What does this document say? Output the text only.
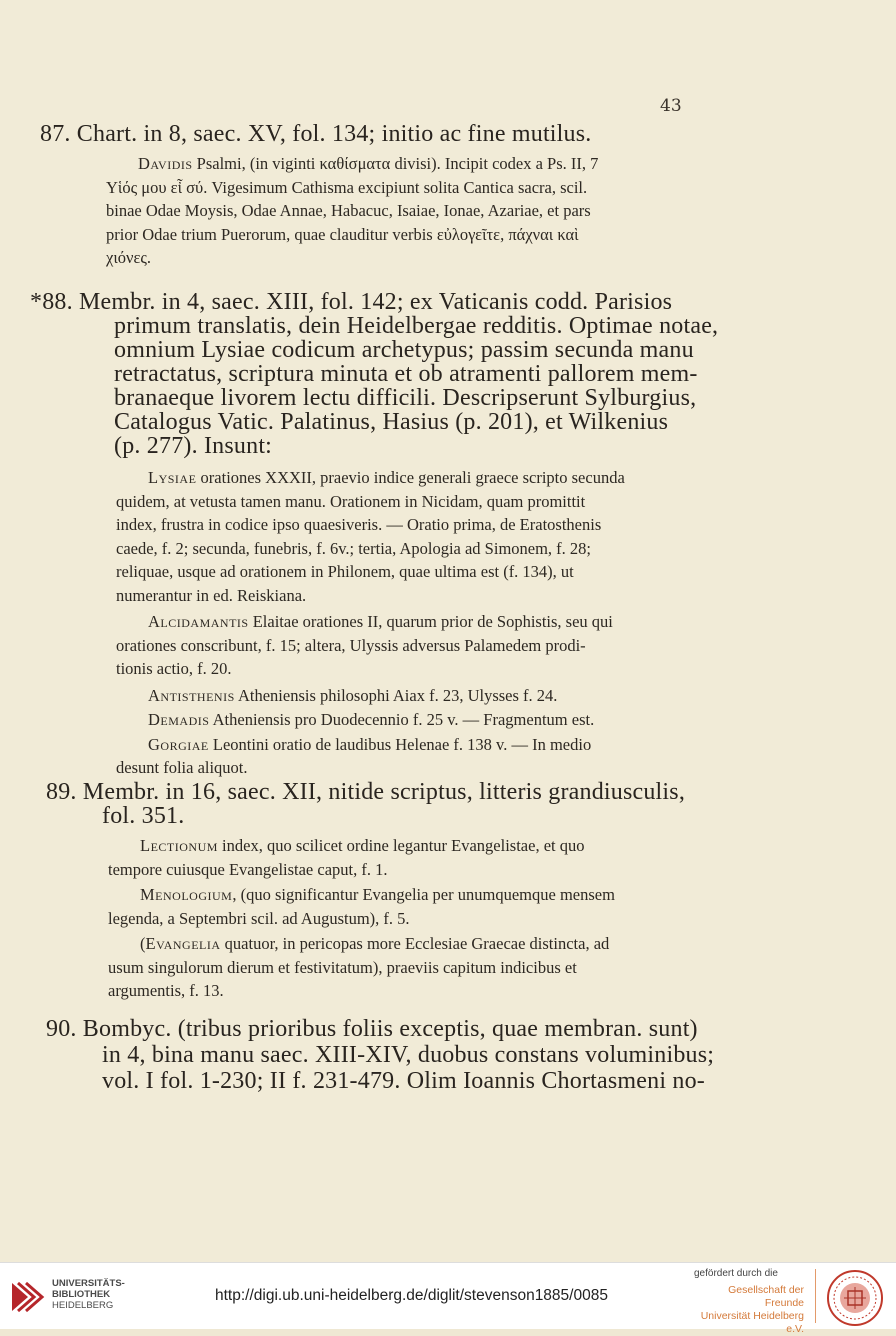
43
87. Chart. in 8, saec. XV, fol. 134; initio ac fine mutilus.
Davidis Psalmi, (in viginti καθίσματα divisi). Incipit codex a Ps. II, 7
Υἱός μου εἶ σύ. Vigesimum Cathisma excipiunt solita Cantica sacra, scil.
binae Odae Moysis, Odae Annae, Habacuc, Isaiae, Ionae, Azariae, et pars
prior Odae trium Puerorum, quae clauditur verbis εὐλογεῖτε, πάχναι καὶ
χιόνες.
*88. Membr. in 4, saec. XIII, fol. 142; ex Vaticanis codd. Parisios
primum translatis, dein Heidelbergae redditis. Optimae notae,
omnium Lysiae codicum archetypus; passim secunda manu
retractatus, scriptura minuta et ob atramenti pallorem mem-
branaeque livorem lectu difficili. Descripserunt Sylburgius,
Catalogus Vatic. Palatinus, Hasius (p. 201), et Wilkenius
(p. 277). Insunt:
Lysiae orationes XXXII, praevio indice generali graece scripto secunda
quidem, at vetusta tamen manu. Orationem in Nicidam, quam promittit
index, frustra in codice ipso quaesiveris. — Oratio prima, de Eratosthenis
caede, f. 2; secunda, funebris, f. 6v.; tertia, Apologia ad Simonem, f. 28;
reliquae, usque ad orationem in Philonem, quae ultima est (f. 134), ut
numerantur in ed. Reiskiana.
Alcidamantis Elaitae orationes II, quarum prior de Sophistis, seu qui
orationes conscribunt, f. 15; altera, Ulyssis adversus Palamedem prodi-
tionis actio, f. 20.
Antisthenis Atheniensis philosophi Aiax f. 23, Ulysses f. 24.
Demadis Atheniensis pro Duodecennio f. 25 v. — Fragmentum est.
Gorgiae Leontini oratio de laudibus Helenae f. 138 v. — In medio
desunt folia aliquot.
89. Membr. in 16, saec. XII, nitide scriptus, litteris grandiusculis,
fol. 351.
Lectionum index, quo scilicet ordine legantur Evangelistae, et quo
tempore cuiusque Evangelistae caput, f. 1.
Menologium, (quo significantur Evangelia per unumquemque mensem
legenda, a Septembri scil. ad Augustum), f. 5.
(Evangelia quatuor, in pericopas more Ecclesiae Graecae distincta, ad
usum singulorum dierum et festivitatum), praeviis capitum indicibus et
argumentis, f. 13.
90. Bombyc. (tribus prioribus foliis exceptis, quae membran. sunt)
in 4, bina manu saec. XIII-XIV, duobus constans voluminibus;
vol. I fol. 1-230; II f. 231-479. Olim Ioannis Chortasmeni no-
UNIVERSITÄTS-
BIBLIOTHEK
HEIDELBERG
http://digi.ub.uni-heidelberg.de/diglit/stevenson1885/0085
gefördert durch die
Gesellschaft der Freunde
Universität Heidelberg e.V.
